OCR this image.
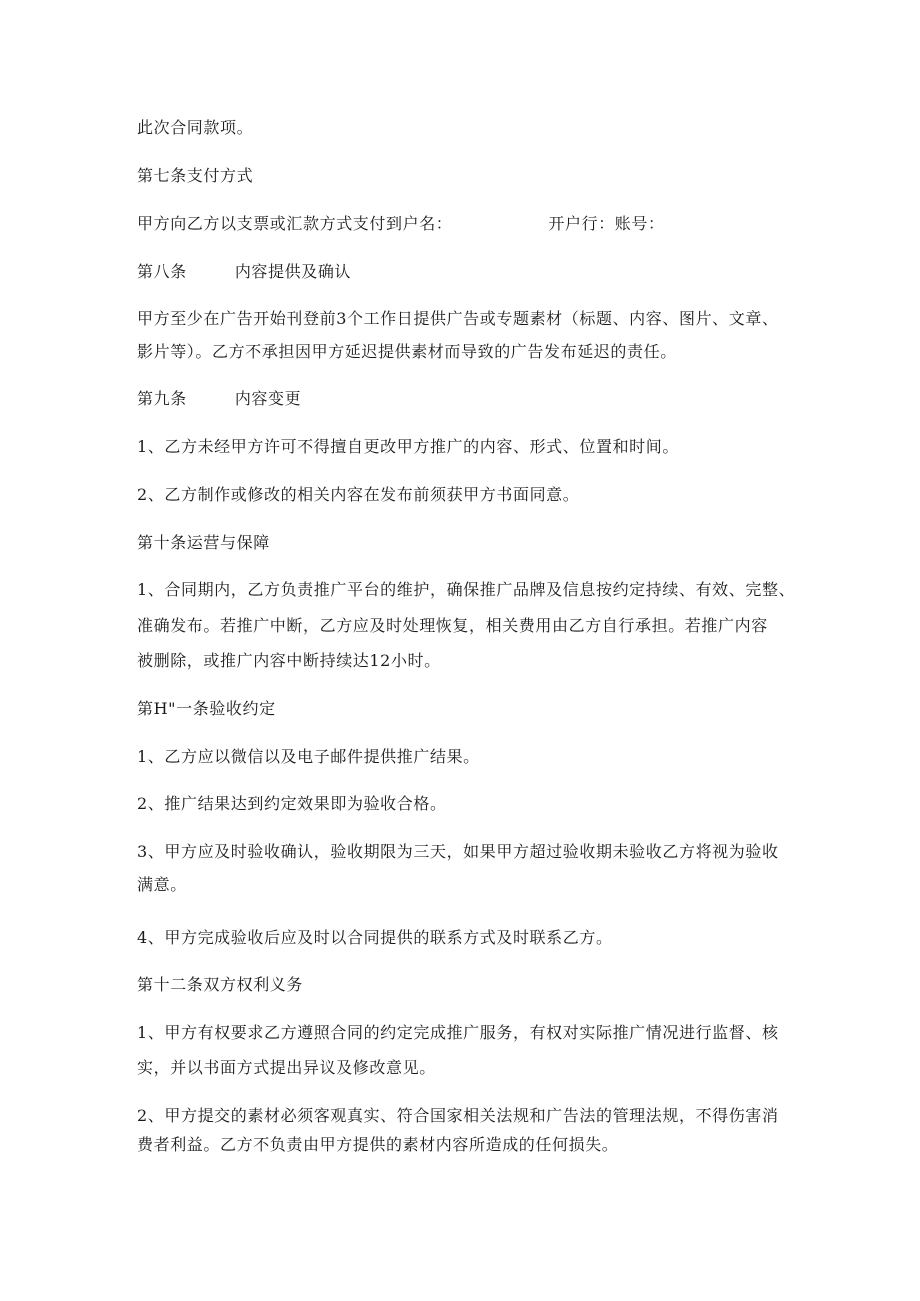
此次合同款项。
第七条支付方式
甲方向乙方以支票或汇款方式支付到户名：	开户行：账号：
第八条	内容提供及确认
甲方至少在广告开始刊登前3个工作日提供广告或专题素材（标题、内容、图片、文章、
影片等）。乙方不承担因甲方延迟提供素材而导致的广告发布延迟的责任。
第九条	内容变更
1、乙方未经甲方许可不得擅自更改甲方推广的内容、形式、位置和时间。
2、乙方制作或修改的相关内容在发布前须获甲方书面同意。
第十条运营与保障
1、合同期内，乙方负责推广平台的维护，确保推广品牌及信息按约定持续、有效、完整、
准确发布。若推广中断，乙方应及时处理恢复，相关费用由乙方自行承担。若推广内容
被删除，或推广内容中断持续达12小时。
第H"一条验收约定
1、乙方应以微信以及电子邮件提供推广结果。
2、推广结果达到约定效果即为验收合格。
3、甲方应及时验收确认，验收期限为三天，如果甲方超过验收期未验收乙方将视为验收
满意。
4、甲方完成验收后应及时以合同提供的联系方式及时联系乙方。
第十二条双方权利义务
1、甲方有权要求乙方遵照合同的约定完成推广服务，有权对实际推广情况进行监督、核
实，并以书面方式提出异议及修改意见。
2、甲方提交的素材必须客观真实、符合国家相关法规和广告法的管理法规，不得伤害消
费者利益。乙方不负责由甲方提供的素材内容所造成的任何损失。
